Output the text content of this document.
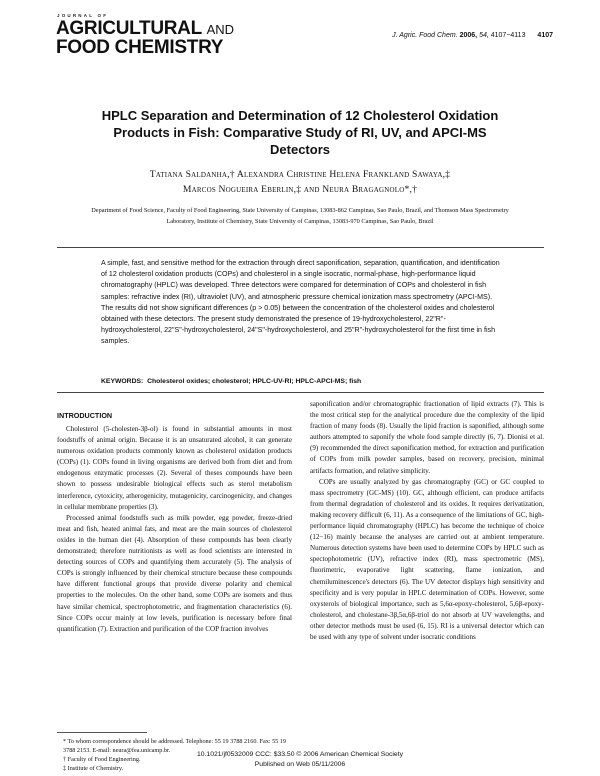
JOURNAL OF
AGRICULTURAL AND
FOOD CHEMISTRY
J. Agric. Food Chem. 2006, 54, 4107−4113 4107
HPLC Separation and Determination of 12 Cholesterol Oxidation Products in Fish: Comparative Study of RI, UV, and APCI-MS Detectors
Tatiana Saldanha,† Alexandra Christine Helena Frankland Sawaya,‡
Marcos Nogueira Eberlin,‡ and Neura Bragagnolo*,†
Department of Food Science, Faculty of Food Engineering, State University of Campinas, 13083-862 Campinas, Sao Paulo, Brazil, and Thomson Mass Spectrometry Laboratory, Institute of Chemistry, State University of Campinas, 13083-970 Campinas, Sao Paulo, Brazil
A simple, fast, and sensitive method for the extraction through direct saponification, separation, quantification, and identification of 12 cholesterol oxidation products (COPs) and cholesterol in a single isocratic, normal-phase, high-performance liquid chromatography (HPLC) was developed. Three detectors were compared for determination of COPs and cholesterol in fish samples: refractive index (RI), ultraviolet (UV), and atmospheric pressure chemical ionization mass spectrometry (APCI-MS). The results did not show significant differences (p > 0.05) between the concentration of the cholesterol oxides and cholesterol obtained with these detectors. The present study demonstrated the presence of 19-hydroxycholesterol, 22"R"-hydroxycholesterol, 22"S"-hydroxycholesterol, 24"S"-hydroxycholesterol, and 25"R"-hydroxycholesterol for the first time in fish samples.
KEYWORDS: Cholesterol oxides; cholesterol; HPLC-UV-RI; HPLC-APCI-MS; fish
INTRODUCTION

Cholesterol (5-cholesten-3β-ol) is found in substantial amounts in most foodstuffs of animal origin. Because it is an unsaturated alcohol, it can generate numerous oxidation products commonly known as cholesterol oxidation products (COPs) (1). COPs found in living organisms are derived both from diet and from endogenous enzymatic processes (2). Several of theses compounds have been shown to possess undesirable biological effects such as sterol metabolism interference, cytoxicity, atherogenicity, mutagenicity, carcinogenicity, and changes in cellular membrane properties (3).

Processed animal foodstuffs such as milk powder, egg powder, freeze-dried meat and fish, heated animal fats, and meat are the main sources of cholesterol oxides in the human diet (4). Absorption of these compounds has been clearly demonstrated; therefore nutritionists as well as food scientists are interested in detecting sources of COPs and quantifying them accurately (5). The analysis of COPs is strongly influenced by their chemical structure because these compounds have different functional groups that provide diverse polarity and chemical properties to the molecules. On the other hand, some COPs are isomers and thus have similar chemical, spectrophotometric, and fragmentation characteristics (6). Since COPs occur mainly at low levels, purification is necessary before final quantification (7). Extraction and purification of the COP fraction involves

saponification and/or chromatographic fractionation of lipid extracts (7). This is the most critical step for the analytical procedure due the complexity of the lipid fraction of many foods (8). Usually the lipid fraction is saponified, although some authors attempted to saponify the whole food sample directly (6, 7). Dionisi et al. (9) recommended the direct saponification method, for extraction and purification of COPs from milk powder samples, based on recovery, precision, minimal artifacts formation, and relative simplicity.

COPs are usually analyzed by gas chromatography (GC) or GC coupled to mass spectrometry (GC-MS) (10). GC, although efficient, can produce artifacts from thermal degradation of cholesterol and its oxides. It requires derivatization, making recovery difficult (6, 11). As a consequence of the limitations of GC, high-performance liquid chromatography (HPLC) has become the technique of choice (12−16) mainly because the analyses are carried out at ambient temperature. Numerous detection systems have been used to determine COPs by HPLC such as spectophotometric (UV), refractive index (RI), mass spectrometric (MS), fluorimetric, evaporative light scattering, flame ionization, and chemiluminescence's detectors (6). The UV detector displays high sensitivity and specificity and is very popular in HPLC determination of COPs. However, some oxysterols of biological importance, such as 5,6α-epoxy-cholesterol, 5,6β-epoxy-cholesterol, and cholestane-3β,5α,6β-triol do not absorb at UV wavelengths, and other detector methods must be used (6, 15). RI is a universal detector which can be used with any type of solvent under isocratic conditions

* To whom correspondence should be addressed. Telephone: 55 19 3788 2160. Fax: 55 19 3788 2153. E-mail: neura@fea.unicamp.br.
† Faculty of Food Engineering.
‡ Institute of Chemistry.
10.1021/jf0532009 CCC: $33.50 © 2006 American Chemical Society
Published on Web 05/11/2006
